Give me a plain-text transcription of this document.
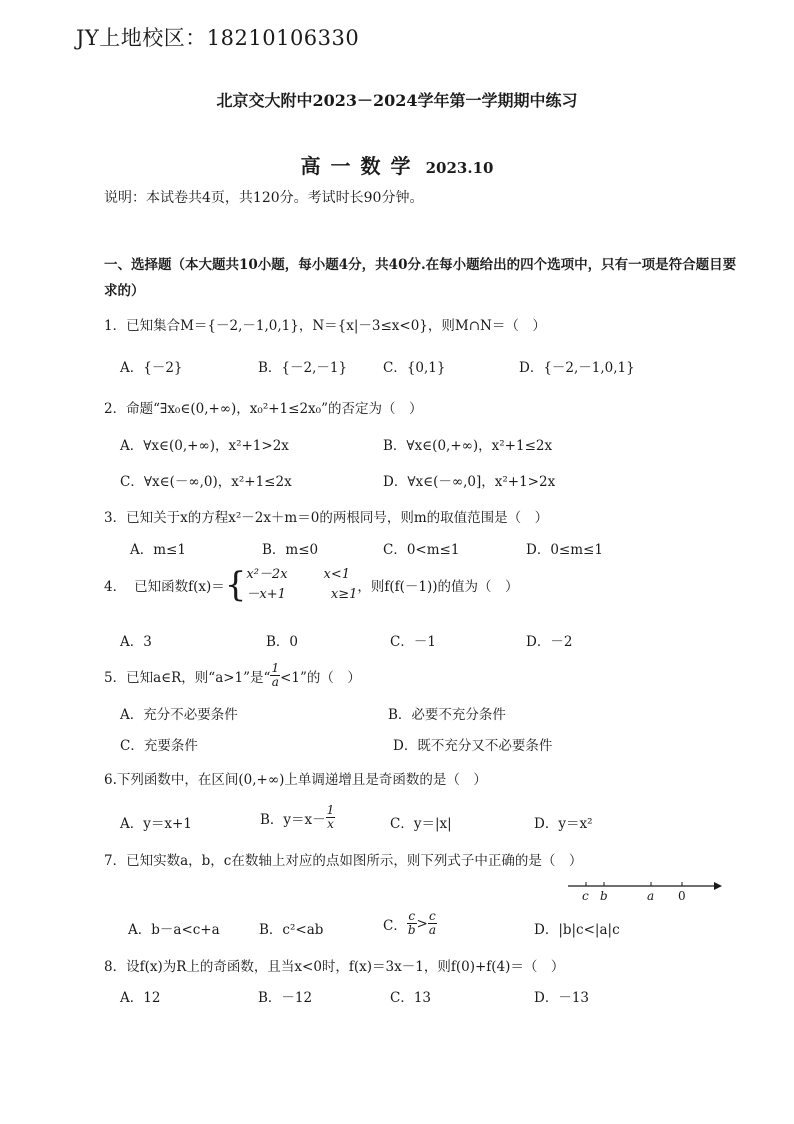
JY上地校区：18210106330
北京交大附中2023－2024学年第一学期期中练习
高一数学 2023.10
说明：本试卷共4页，共120分。考试时长90分钟。
一、选择题（本大题共10小题，每小题4分，共40分.在每小题给出的四个选项中，只有一项是符合题目要求的）
1．已知集合M＝{－2,－1,0,1}，N＝{x|－3≤x<0}，则M∩N＝（　）
A．{－2}	B．{－2,－1}	C．{0,1}	D．{－2,－1,0,1}
2．命题“∃x₀∈(0,+∞)，x₀²+1≤2x₀”的否定为（　）
A．∀x∈(0,+∞)，x²+1>2x	B．∀x∈(0,+∞)，x²+1≤2x
C．∀x∈(－∞,0)，x²+1≤2x	D．∀x∈(－∞,0]，x²+1>2x
3．已知关于x的方程x²－2x＋m＝0的两根同号，则m的取值范围是（　）
A．m≤1	B．m≤0	C．0<m≤1	D．0≤m≤1
4． 已知函数f(x)＝ { x²－2x	x<1
－x+1	x≥1 ，则f(f(－1))的值为（　）
A．3	B．0	C．－1	D．－2
5． 已知a∈R，则“a>1”是“ $\frac{1}{a} <1$”的（　）
A．充分不必要条件	B．必要不充分条件
C．充要条件	D．既不充分又不必要条件
6.下列函数中，在区间(0,+∞)上单调递增且是奇函数的是（　）
A．y＝x+1	B．$y=x- \frac{1}{x}$	C．y＝|x|	D．y＝x²
7．已知实数a，b，c在数轴上对应的点如图所示，则下列式子中正确的是（　）
c b	a 0
A．b－a<c+a	B．c²<ab	C． $\frac{c}{b} > \frac{c}{a}$	D．|b|c<|a|c
8．设f(x)为R上的奇函数，且当x<0时，f(x)＝3x－1，则f(0)+f(4)＝（　）
A．12	B．－12	C．13	D．－13
